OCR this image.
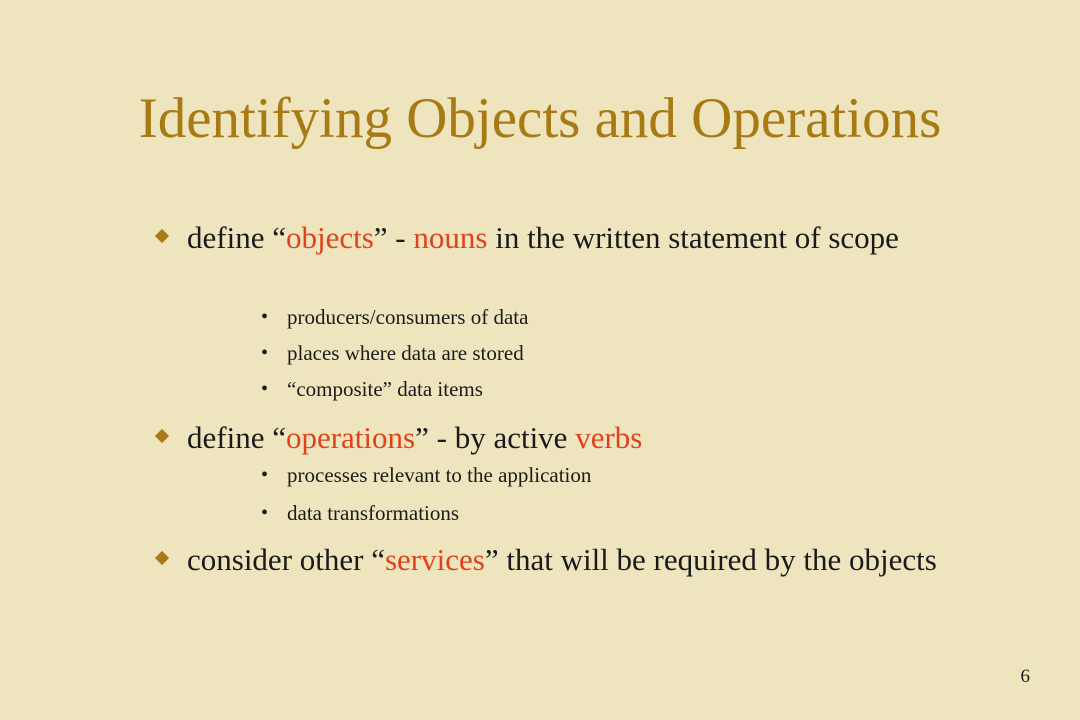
Identifying Objects and Operations
define “objects” - nouns in the written statement of scope
• producers/consumers of data
• places where data are stored
• “composite” data items
define “operations” - by active verbs
• processes relevant to the application
• data transformations
consider other “services” that will be required by the objects
6
